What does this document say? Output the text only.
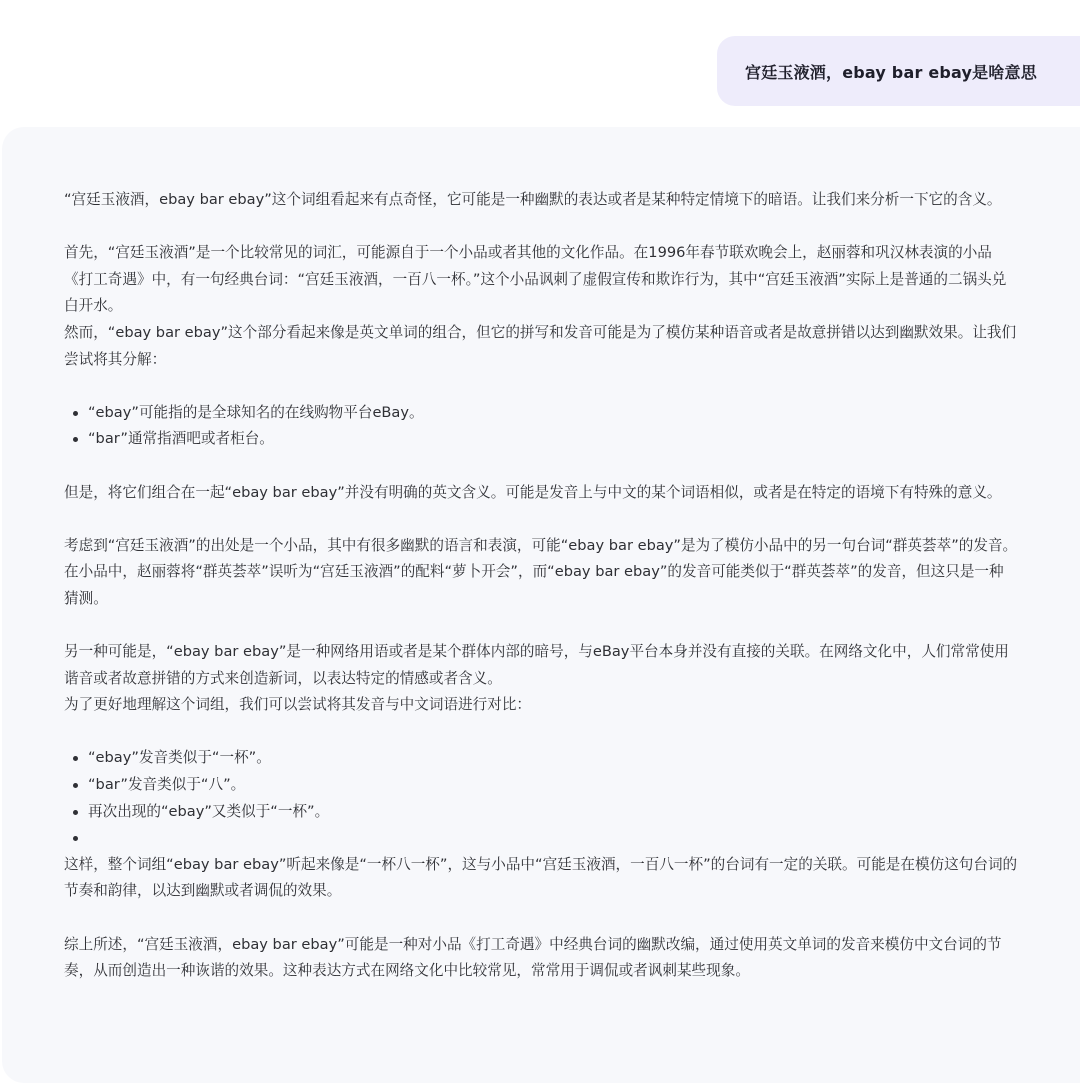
宫廷玉液酒，ebay bar ebay是啥意思

“宫廷玉液酒，ebay bar ebay”这个词组看起来有点奇怪，它可能是一种幽默的表达或者是某种特定情境下的暗语。让我们来分析一下它的含义。

首先，“宫廷玉液酒”是一个比较常见的词汇，可能源自于一个小品或者其他的文化作品。在1996年春节联欢晚会上，赵丽蓉和巩汉林表演的小品《打工奇遇》中，有一句经典台词：“宫廷玉液酒，一百八一杯。”这个小品讽刺了虚假宣传和欺诈行为，其中“宫廷玉液酒”实际上是普通的二锅头兑白开水。

然而，“ebay bar ebay”这个部分看起来像是英文单词的组合，但它的拼写和发音可能是为了模仿某种语音或者是故意拼错以达到幽默效果。让我们尝试将其分解：

“ebay”可能指的是全球知名的在线购物平台eBay。
“bar”通常指酒吧或者柜台。

但是，将它们组合在一起“ebay bar ebay”并没有明确的英文含义。可能是发音上与中文的某个词语相似，或者是在特定的语境下有特殊的意义。

考虑到“宫廷玉液酒”的出处是一个小品，其中有很多幽默的语言和表演，可能“ebay bar ebay”是为了模仿小品中的另一句台词“群英荟萃”的发音。在小品中，赵丽蓉将“群英荟萃”误听为“宫廷玉液酒”的配料“萝卜开会”，而“ebay bar ebay”的发音可能类似于“群英荟萃”的发音，但这只是一种猜测。

另一种可能是，“ebay bar ebay”是一种网络用语或者是某个群体内部的暗号，与eBay平台本身并没有直接的关联。在网络文化中，人们常常使用谐音或者故意拼错的方式来创造新词，以表达特定的情感或者含义。

为了更好地理解这个词组，我们可以尝试将其发音与中文词语进行对比：

“ebay”发音类似于“一杯”。
“bar”发音类似于“八”。
再次出现的“ebay”又类似于“一杯”。

这样，整个词组“ebay bar ebay”听起来像是“一杯八一杯”，这与小品中“宫廷玉液酒，一百八一杯”的台词有一定的关联。可能是在模仿这句台词的节奏和韵律，以达到幽默或者调侃的效果。

综上所述，“宫廷玉液酒，ebay bar ebay”可能是一种对小品《打工奇遇》中经典台词的幽默改编，通过使用英文单词的发音来模仿中文台词的节奏，从而创造出一种诙谐的效果。这种表达方式在网络文化中比较常见，常常用于调侃或者讽刺某些现象。
